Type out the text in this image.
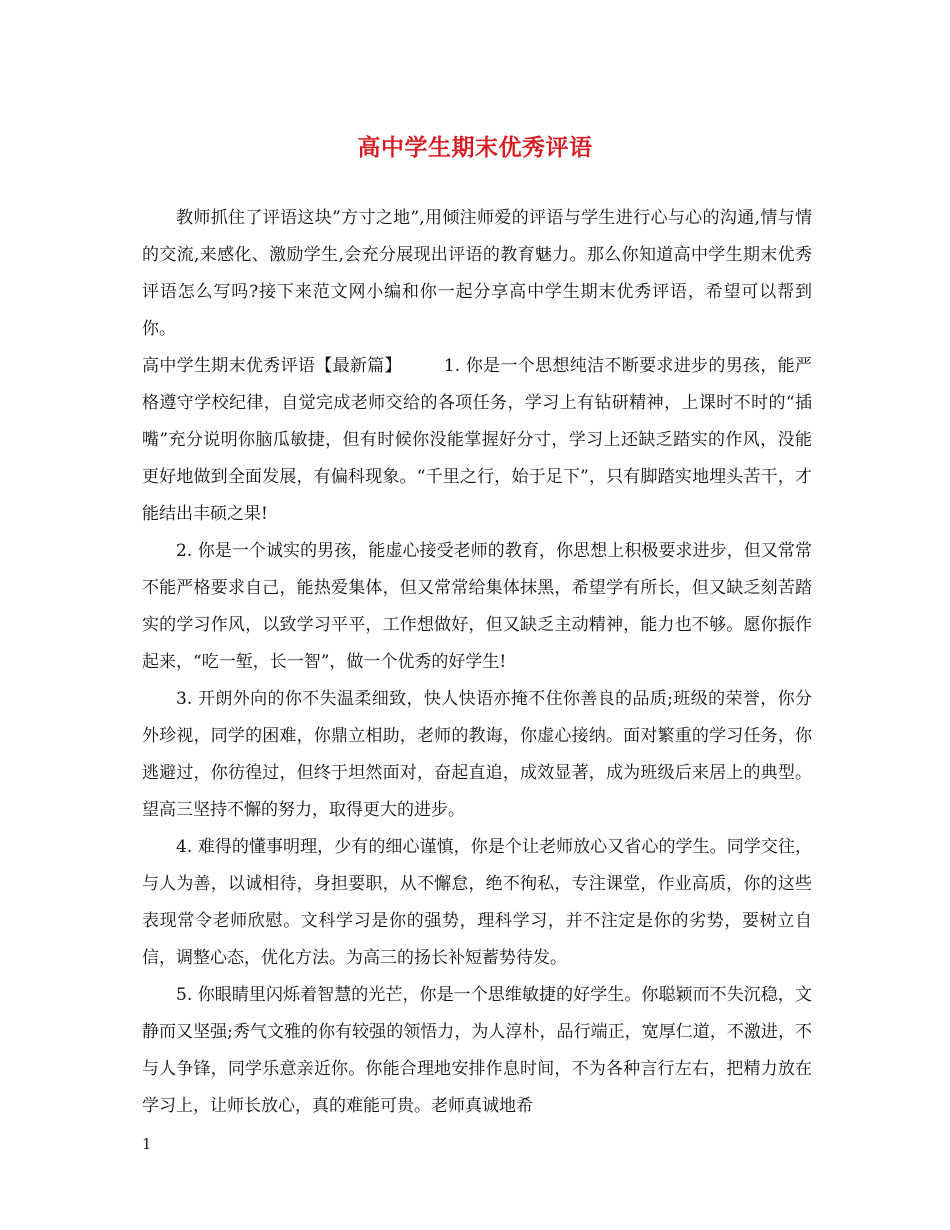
高中学生期末优秀评语

教师抓住了评语这块”方寸之地”,用倾注师爱的评语与学生进行心与心的沟通,情与情的交流,来感化、激励学生,会充分展现出评语的教育魅力。那么你知道高中学生期末优秀评语怎么写吗?接下来范文网小编和你一起分享高中学生期末优秀评语，希望可以帮到你。

高中学生期末优秀评语【最新篇】 1. 你是一个思想纯洁不断要求进步的男孩，能严格遵守学校纪律，自觉完成老师交给的各项任务，学习上有钻研精神，上课时不时的“插嘴”充分说明你脑瓜敏捷，但有时候你没能掌握好分寸，学习上还缺乏踏实的作风，没能更好地做到全面发展，有偏科现象。“千里之行，始于足下”，只有脚踏实地埋头苦干，才能结出丰硕之果!

2. 你是一个诚实的男孩，能虚心接受老师的教育，你思想上积极要求进步，但又常常不能严格要求自己，能热爱集体，但又常常给集体抹黑，希望学有所长，但又缺乏刻苦踏实的学习作风，以致学习平平，工作想做好，但又缺乏主动精神，能力也不够。愿你振作起来，“吃一堑，长一智”，做一个优秀的好学生!

3. 开朗外向的你不失温柔细致，快人快语亦掩不住你善良的品质;班级的荣誉，你分外珍视，同学的困难，你鼎立相助，老师的教诲，你虚心接纳。面对繁重的学习任务，你逃避过，你彷徨过，但终于坦然面对，奋起直追，成效显著，成为班级后来居上的典型。望高三坚持不懈的努力，取得更大的进步。

4. 难得的懂事明理，少有的细心谨慎，你是个让老师放心又省心的学生。同学交往，与人为善，以诚相待，身担要职，从不懈怠，绝不徇私，专注课堂，作业高质，你的这些表现常令老师欣慰。文科学习是你的强势，理科学习，并不注定是你的劣势，要树立自信，调整心态，优化方法。为高三的扬长补短蓄势待发。

5. 你眼睛里闪烁着智慧的光芒，你是一个思维敏捷的好学生。你聪颖而不失沉稳，文静而又坚强;秀气文雅的你有较强的领悟力，为人淳朴，品行端正，宽厚仁道，不激进，不与人争锋，同学乐意亲近你。你能合理地安排作息时间，不为各种言行左右，把精力放在学习上，让师长放心，真的难能可贵。老师真诚地希

1
